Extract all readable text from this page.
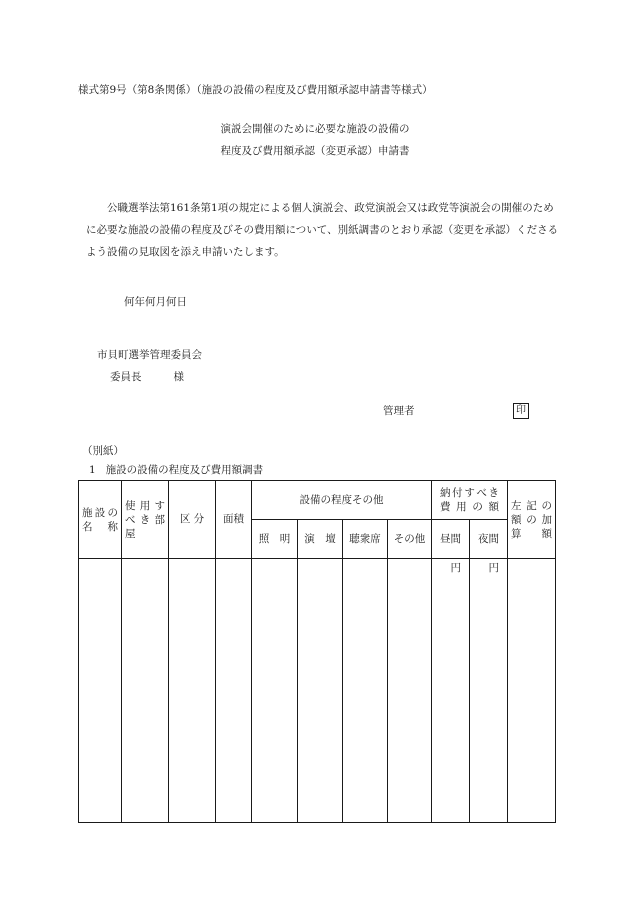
様式第9号（第8条関係）（施設の設備の程度及び費用額承認申請書等様式）
演説会開催のために必要な施設の設備の
程度及び費用額承認（変更承認）申請書

公職選挙法第161条第1項の規定による個人演説会、政党演説会又は政党等演説会の開催のために必要な施設の設備の程度及びその費用額について、別紙調書のとおり承認（変更を承認）くださるよう設備の見取図を添え申請いたします。

何年何月何日
市貝町選挙管理委員会
委員長	様
管理者	印
（別紙）
1 施設の設備の程度及び費用額調書
施設の名　称	使用すべき部屋	区 分	面積	設備の程度その他				納付すべき費用の額		左記の額の加算 額

				照　明	演　壇	聴衆席	その他	昼間	夜間	

								円	円	
